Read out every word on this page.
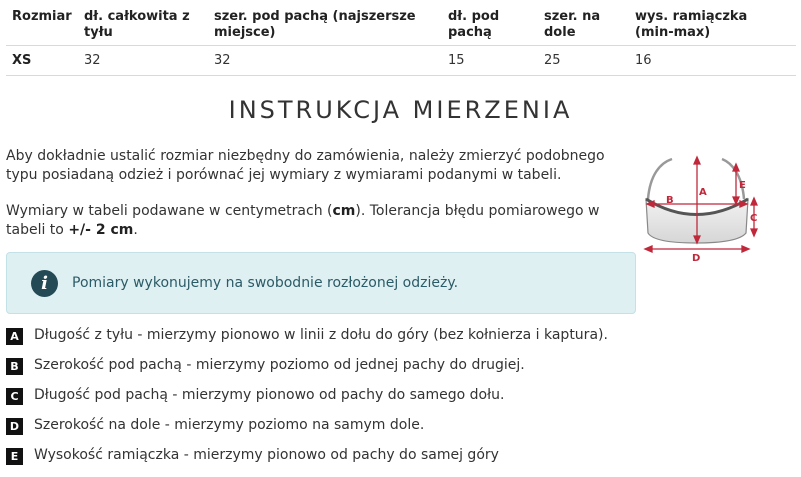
Rozmiar	dł. całkowita z tyłu	szer. pod pachą (najszersze miejsce)	dł. pod pachą	szer. na dole	wys. ramiączka (min-max)
XS	32	32	15	25	16
INSTRUKCJA MIERZENIA
Aby dokładnie ustalić rozmiar niezbędny do zamówienia, należy zmierzyć podobnego typu posiadaną odzież i porównać jej wymiary z wymiarami podanymi w tabeli.
Wymiary w tabeli podawane w centymetrach (cm). Tolerancja błędu pomiarowego w tabeli to +/- 2 cm.
i	Pomiary wykonujemy na swobodnie rozłożonej odzieży.
A
B
C
D
E
A	Długość z tyłu - mierzymy pionowo w linii z dołu do góry (bez kołnierza i kaptura).
B	Szerokość pod pachą - mierzymy poziomo od jednej pachy do drugiej.
C	Długość pod pachą - mierzymy pionowo od pachy do samego dołu.
D Szerokość na dole - mierzymy poziomo na samym dole.
E	Wysokość ramiączka - mierzymy pionowo od pachy do samej góry
